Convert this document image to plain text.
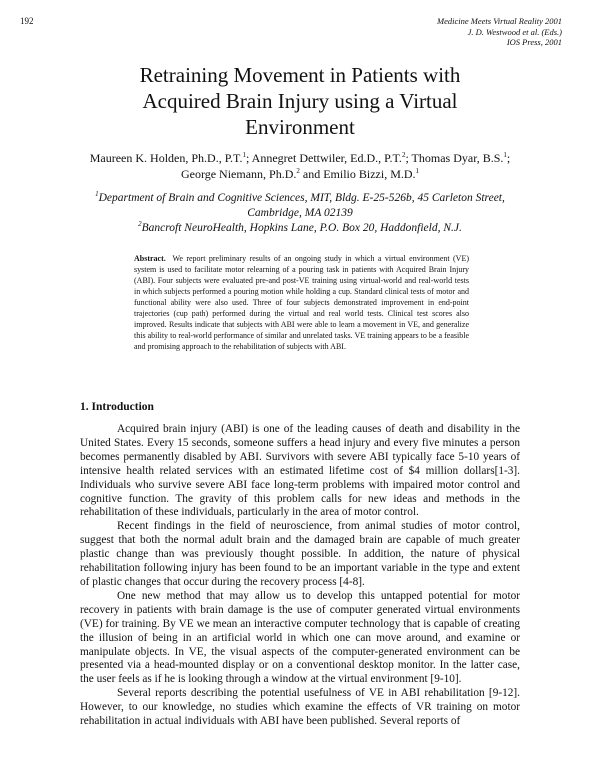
192	Medicine Meets Virtual Reality 2001
J. D. Westwood et al. (Eds.)
IOS Press, 2001
Retraining Movement in Patients with
Acquired Brain Injury using a Virtual
Environment
Maureen K. Holden, Ph.D., P.T.$^1$; Annegret Dettwiler, Ed.D., P.T.$^2$; Thomas Dyar, B.S.$^1$;
George Niemann, Ph.D.$^2$ and Emilio Bizzi, M.D.$^1$
$^1$Department of Brain and Cognitive Sciences, MIT, Bldg. E-25-526b, 45 Carleton Street,
Cambridge, MA 02139
$^2$Bancroft NeuroHealth, Hopkins Lane, P.O. Box 20, Haddonfield, N.J.
Abstract. We report preliminary results of an ongoing study in which a virtual environment (VE) system is used to facilitate motor relearning of a pouring task in patients with Acquired Brain Injury (ABI). Four subjects were evaluated pre-and post-VE training using virtual-world and real-world tests in which subjects performed a pouring motion while holding a cup. Standard clinical tests of motor and functional ability were also used. Three of four subjects demonstrated improvement in end-point trajectories (cup path) performed during the virtual and real world tests. Clinical test scores also improved. Results indicate that subjects with ABI were able to learn a movement in VE, and generalize this ability to real-world performance of similar and unrelated tasks. VE training appears to be a feasible and promising approach to the rehabilitation of subjects with ABI.
1. Introduction

Acquired brain injury (ABI) is one of the leading causes of death and disability in the United States. Every 15 seconds, someone suffers a head injury and every five minutes a person becomes permanently disabled by ABI. Survivors with severe ABI typically face 5-10 years of intensive health related services with an estimated lifetime cost of $4 million dollars[1-3]. Individuals who survive severe ABI face long-term problems with impaired motor control and cognitive function. The gravity of this problem calls for new ideas and methods in the rehabilitation of these individuals, particularly in the area of motor control.

Recent findings in the field of neuroscience, from animal studies of motor control, suggest that both the normal adult brain and the damaged brain are capable of much greater plastic change than was previously thought possible. In addition, the nature of physical rehabilitation following injury has been found to be an important variable in the type and extent of plastic changes that occur during the recovery process [4-8].

One new method that may allow us to develop this untapped potential for motor recovery in patients with brain damage is the use of computer generated virtual environments (VE) for training. By VE we mean an interactive computer technology that is capable of creating the illusion of being in an artificial world in which one can move around, and examine or manipulate objects. In VE, the visual aspects of the computer-generated environment can be presented via a head-mounted display or on a conventional desktop monitor. In the latter case, the user feels as if he is looking through a window at the virtual environment [9-10].

Several reports describing the potential usefulness of VE in ABI rehabilitation [9-12]. However, to our knowledge, no studies which examine the effects of VR training on motor rehabilitation in actual individuals with ABI have been published. Several reports of
